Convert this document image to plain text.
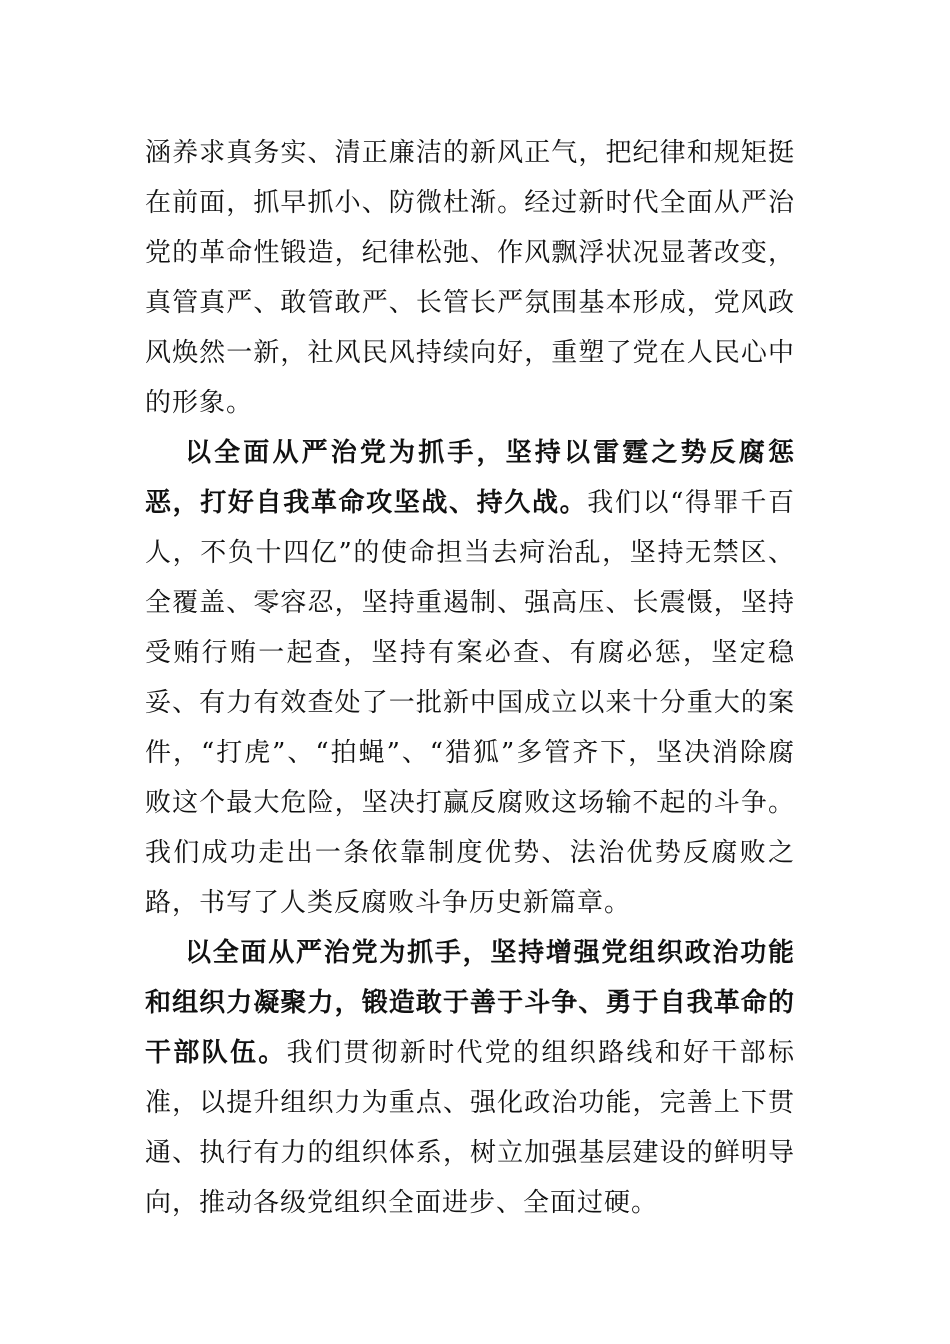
涵养求真务实、清正廉洁的新风正气，把纪律和规矩挺在前面，抓早抓小、防微杜渐。经过新时代全面从严治党的革命性锻造，纪律松弛、作风飘浮状况显著改变，真管真严、敢管敢严、长管长严氛围基本形成，党风政风焕然一新，社风民风持续向好，重塑了党在人民心中的形象。

以全面从严治党为抓手，坚持以雷霆之势反腐惩恶，打好自我革命攻坚战、持久战。我们以“得罪千百人，不负十四亿”的使命担当去疴治乱，坚持无禁区、全覆盖、零容忍，坚持重遏制、强高压、长震慑，坚持受贿行贿一起查，坚持有案必查、有腐必惩，坚定稳妥、有力有效查处了一批新中国成立以来十分重大的案件，“打虎”、“拍蝇”、“猎狐”多管齐下，坚决消除腐败这个最大危险，坚决打赢反腐败这场输不起的斗争。我们成功走出一条依靠制度优势、法治优势反腐败之路，书写了人类反腐败斗争历史新篇章。

以全面从严治党为抓手，坚持增强党组织政治功能和组织力凝聚力，锻造敢于善于斗争、勇于自我革命的干部队伍。我们贯彻新时代党的组织路线和好干部标准，以提升组织力为重点、强化政治功能，完善上下贯通、执行有力的组织体系，树立加强基层建设的鲜明导向，推动各级党组织全面进步、全面过硬。
